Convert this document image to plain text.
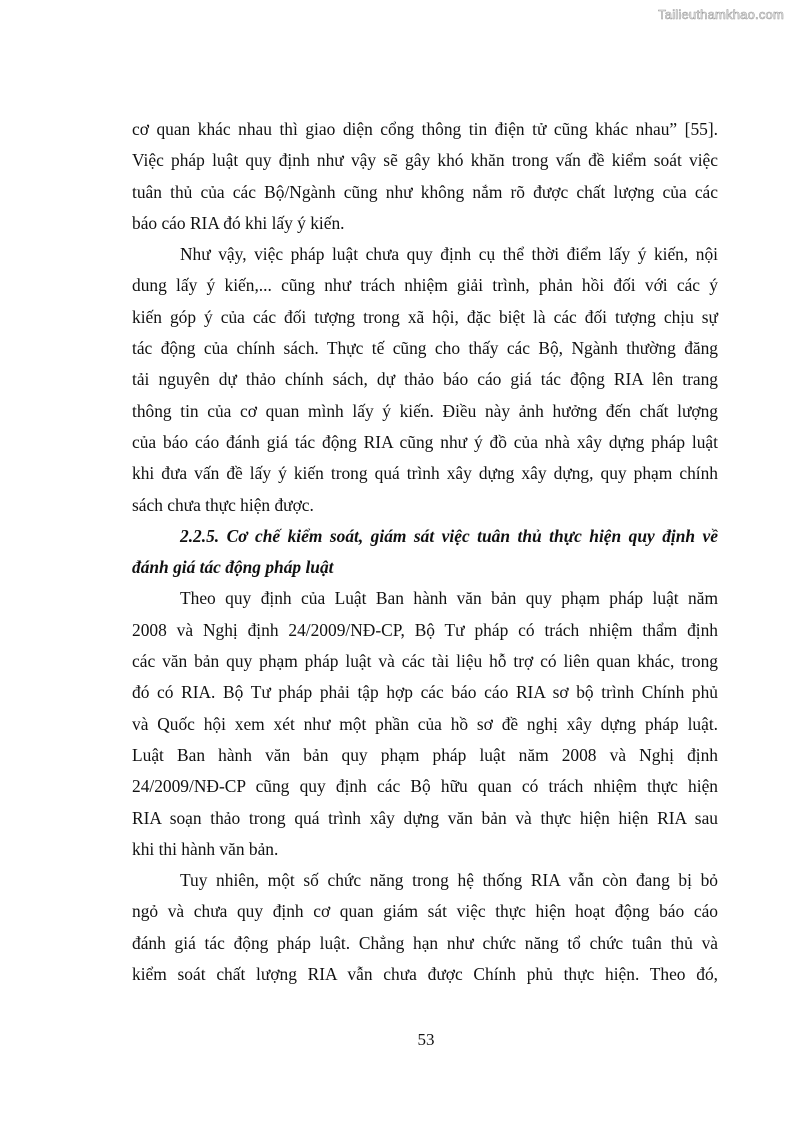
Tailieuthamkhao.com
cơ quan khác nhau thì giao diện cổng thông tin điện tử cũng khác nhau” [55].
Việc pháp luật quy định như vậy sẽ gây khó khăn trong vấn đề kiểm soát việc
tuân thủ của các Bộ/Ngành cũng như không nắm rõ được chất lượng của các
báo cáo RIA đó khi lấy ý kiến.
Như vậy, việc pháp luật chưa quy định cụ thể thời điểm lấy ý kiến, nội
dung lấy ý kiến,... cũng như trách nhiệm giải trình, phản hồi đối với các ý
kiến góp ý của các đối tượng trong xã hội, đặc biệt là các đối tượng chịu sự
tác động của chính sách. Thực tế cũng cho thấy các Bộ, Ngành thường đăng
tải nguyên dự thảo chính sách, dự thảo báo cáo giá tác động RIA lên trang
thông tin của cơ quan mình lấy ý kiến. Điều này ảnh hưởng đến chất lượng
của báo cáo đánh giá tác động RIA cũng như ý đồ của nhà xây dựng pháp luật
khi đưa vấn đề lấy ý kiến trong quá trình xây dựng xây dựng, quy phạm chính
sách chưa thực hiện được.
2.2.5. Cơ chế kiểm soát, giám sát việc tuân thủ thực hiện quy định về
đánh giá tác động pháp luật
Theo quy định của Luật Ban hành văn bản quy phạm pháp luật năm
2008 và Nghị định 24/2009/NĐ-CP, Bộ Tư pháp có trách nhiệm thẩm định
các văn bản quy phạm pháp luật và các tài liệu hỗ trợ có liên quan khác, trong
đó có RIA. Bộ Tư pháp phải tập hợp các báo cáo RIA sơ bộ trình Chính phủ
và Quốc hội xem xét như một phần của hồ sơ đề nghị xây dựng pháp luật.
Luật Ban hành văn bản quy phạm pháp luật năm 2008 và Nghị định
24/2009/NĐ-CP cũng quy định các Bộ hữu quan có trách nhiệm thực hiện
RIA soạn thảo trong quá trình xây dựng văn bản và thực hiện hiện RIA sau
khi thi hành văn bản.
Tuy nhiên, một số chức năng trong hệ thống RIA vẫn còn đang bị bỏ
ngỏ và chưa quy định cơ quan giám sát việc thực hiện hoạt động báo cáo
đánh giá tác động pháp luật. Chẳng hạn như chức năng tổ chức tuân thủ và
kiểm soát chất lượng RIA vẫn chưa được Chính phủ thực hiện. Theo đó,
53
